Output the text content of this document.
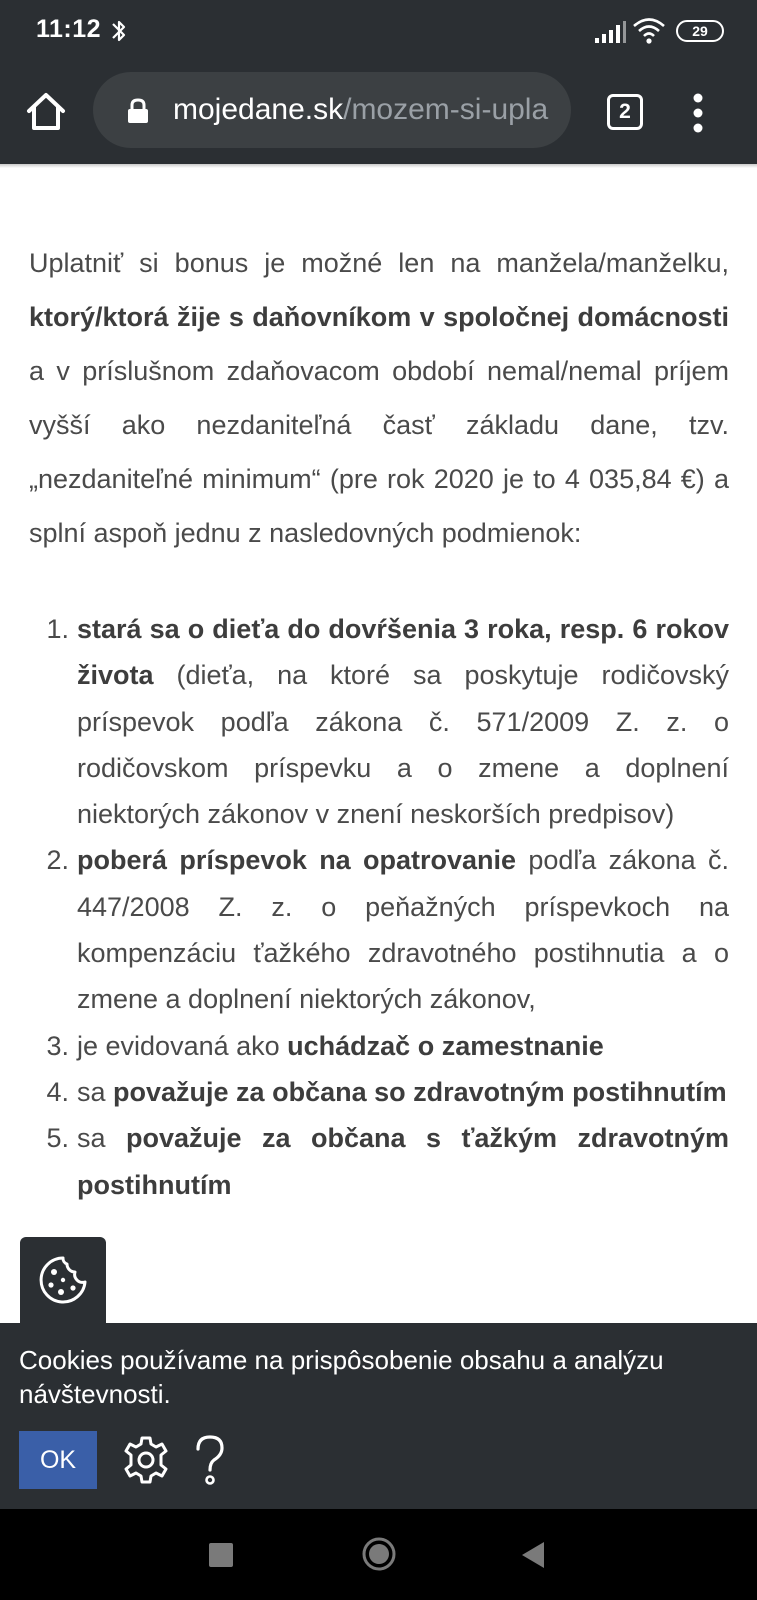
11:12	29
mojedane.sk/mozem-si-upla	2

Uplatniť si bonus je možné len na manžela/manželku, ktorý/ktorá žije s daňovníkom v spoločnej domácnosti a v príslušnom zdaňovacom období nemal/nemal príjem vyšší ako nezdaniteľná časť základu dane, tzv. „nezdaniteľné minimum“ (pre rok 2020 je to 4 035,84 €) a splní aspoň jednu z nasledovných podmienok:

1. stará sa o dieťa do dovŕšenia 3 roka, resp. 6 rokov života (dieťa, na ktoré sa poskytuje rodičovský príspevok podľa zákona č. 571/2009 Z. z. o rodičovskom príspevku a o zmene a doplnení niektorých zákonov v znení neskorších predpisov)
2. poberá príspevok na opatrovanie podľa zákona č. 447/2008 Z. z. o peňažných príspevkoch na kompenzáciu ťažkého zdravotného postihnutia a o zmene a doplnení niektorých zákonov,
3. je evidovaná ako uchádzač o zamestnanie
4. sa považuje za občana so zdravotným postihnutím
5. sa považuje za občana s ťažkým zdravotným postihnutím

Cookies používame na prispôsobenie obsahu a analýzu návštevnosti.

OK
